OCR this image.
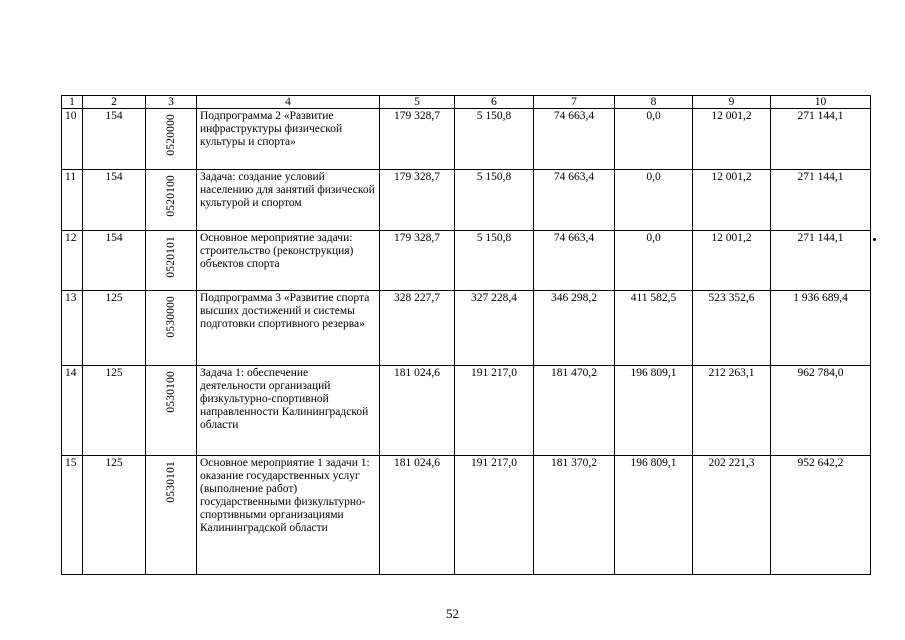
1	2	3	4	5	6	7	8	9	10
10	154	0520000	Подпрограмма 2 «Развитие инфраструктуры физической культуры и спорта»	179 328,7	5 150,8	74 663,4	0,0	12 001,2	271 144,1
11	154	0520100	Задача: создание условий населению для занятий физической культурой и спортом	179 328,7	5 150,8	74 663,4	0,0	12 001,2	271 144,1
12	154	0520101	Основное мероприятие задачи: строительство (реконструкция) объектов спорта	179 328,7	5 150,8	74 663,4	0,0	12 001,2	271 144,1
13	125	0530000	Подпрограмма 3 «Развитие спорта высших достижений и системы подготовки спортивного резерва»	328 227,7	327 228,4	346 298,2	411 582,5	523 352,6	1 936 689,4
14	125	0530100	Задача 1: обеспечение деятельности организаций физкультурно-спортивной направленности Калининградской области	181 024,6	191 217,0	181 470,2	196 809,1	212 263,1	962 784,0
15	125	0530101	Основное мероприятие 1 задачи 1: оказание государственных услуг (выполнение работ) государственными физкультурно-спортивными организациями Калининградской области	181 024,6	191 217,0	181 370,2	196 809,1	202 221,3	952 642,2
52
